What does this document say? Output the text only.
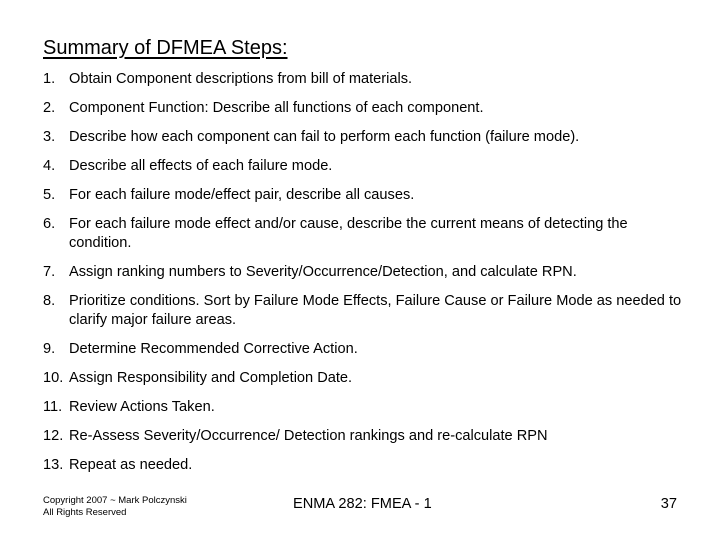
Summary of DFMEA Steps:
1. Obtain Component descriptions from bill of materials.
2. Component Function: Describe all functions of each component.
3. Describe how each component can fail to perform each function (failure mode).
4. Describe all effects of each failure mode.
5. For each failure mode/effect pair, describe all causes.
6. For each failure mode effect and/or cause, describe the current means of detecting the condition.
7. Assign ranking numbers to Severity/Occurrence/Detection, and calculate RPN.
8. Prioritize conditions. Sort by Failure Mode Effects, Failure Cause or Failure Mode as needed to clarify major failure areas.
9. Determine Recommended Corrective Action.
10. Assign Responsibility and Completion Date.
11. Review Actions Taken.
12. Re-Assess Severity/Occurrence/ Detection rankings and re-calculate RPN
13. Repeat as needed.
Copyright 2007 ~ Mark Polczynski
All Rights Reserved
ENMA 282: FMEA - 1	37
